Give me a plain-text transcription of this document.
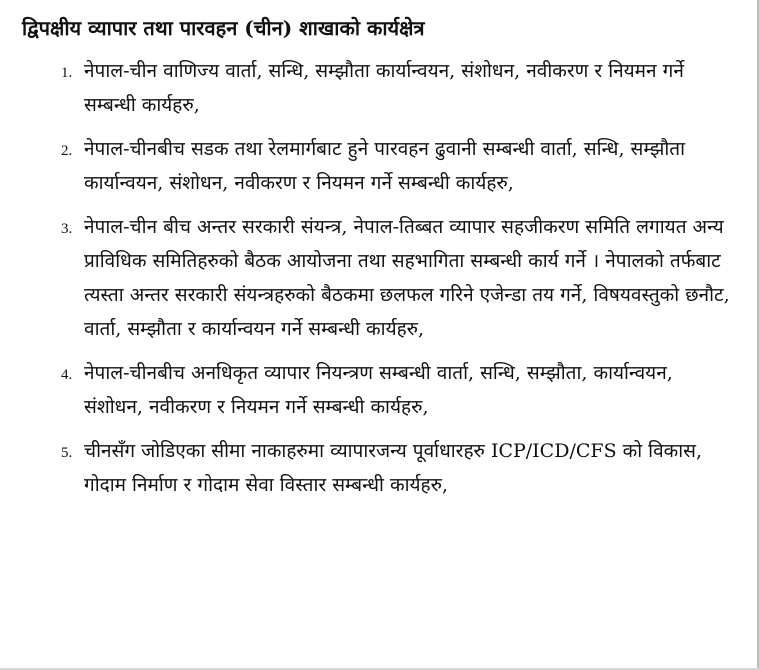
द्विपक्षीय व्यापार तथा पारवहन (चीन) शाखाको कार्यक्षेत्र
1. नेपाल-चीन वाणिज्य वार्ता, सन्धि, सम्झौता कार्यान्वयन, संशोधन, नवीकरण र नियमन गर्ने सम्बन्धी कार्यहरु,
2. नेपाल-चीनबीच सडक तथा रेलमार्गबाट हुने पारवहन ढुवानी सम्बन्धी वार्ता, सन्धि, सम्झौता कार्यान्वयन, संशोधन, नवीकरण र नियमन गर्ने सम्बन्धी कार्यहरु,
3. नेपाल-चीन बीच अन्तर सरकारी संयन्त्र, नेपाल-तिब्बत व्यापार सहजीकरण समिति लगायत अन्य प्राविधिक समितिहरुको बैठक आयोजना तथा सहभागिता सम्बन्धी कार्य गर्ने । नेपालको तर्फबाट त्यस्ता अन्तर सरकारी संयन्त्रहरुको बैठकमा छलफल गरिने एजेन्डा तय गर्ने, विषयवस्तुको छनौट, वार्ता, सम्झौता र कार्यान्वयन गर्ने सम्बन्धी कार्यहरु,
4. नेपाल-चीनबीच अनधिकृत व्यापार नियन्त्रण सम्बन्धी वार्ता, सन्धि, सम्झौता, कार्यान्वयन, संशोधन, नवीकरण र नियमन गर्ने सम्बन्धी कार्यहरु,
5. चीनसँग जोडिएका सीमा नाकाहरुमा व्यापारजन्य पूर्वाधारहरु ICP/ICD/CFS को विकास, गोदाम निर्माण र गोदाम सेवा विस्तार सम्बन्धी कार्यहरु,
